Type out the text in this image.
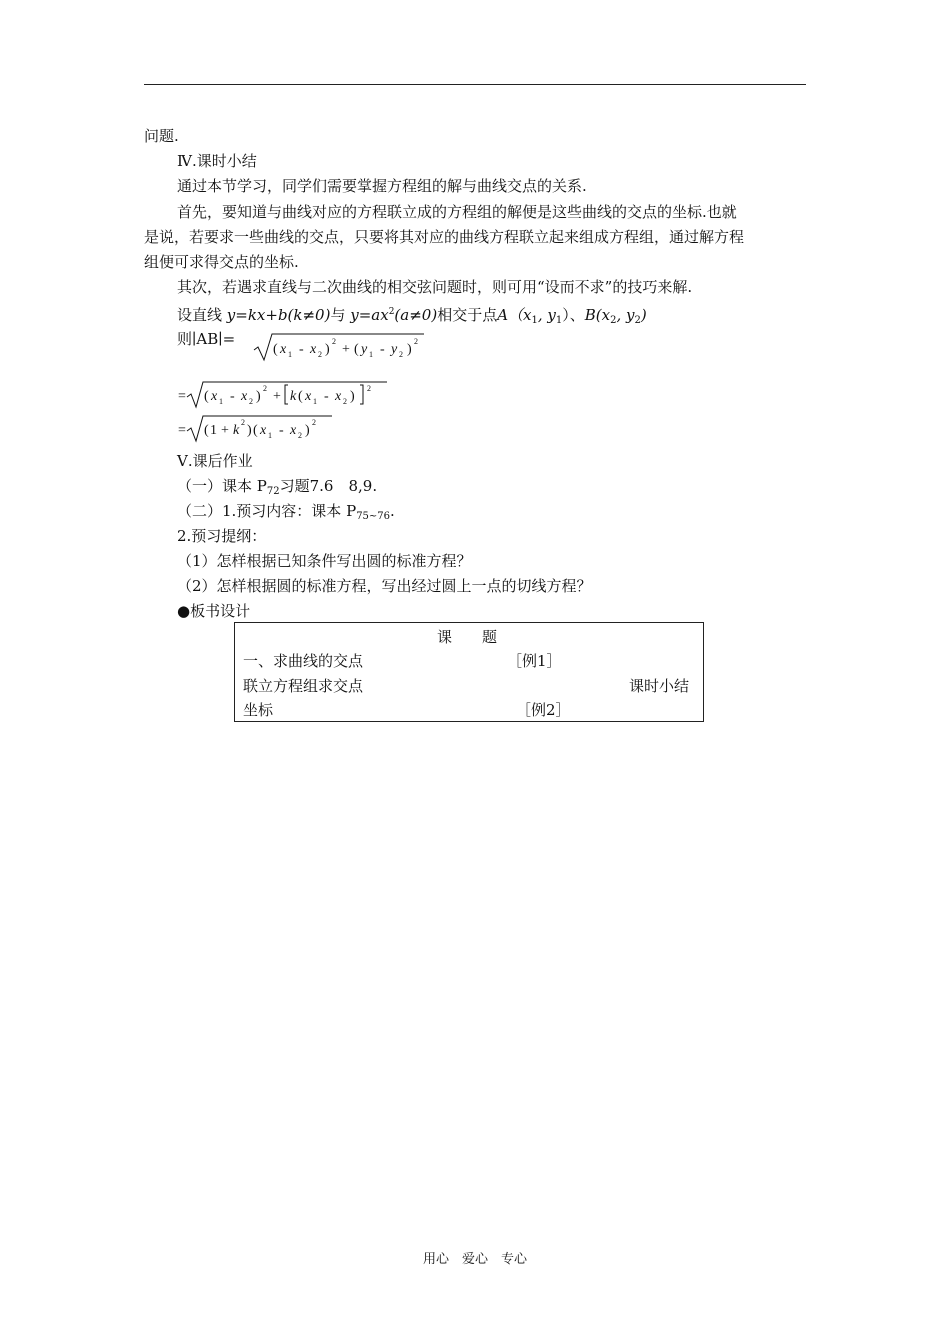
问题.
Ⅳ.课时小结
通过本节学习，同学们需要掌握方程组的解与曲线交点的关系.
首先，要知道与曲线对应的方程联立成的方程组的解便是这些曲线的交点的坐标.也就
是说，若要求一些曲线的交点，只要将其对应的曲线方程联立起来组成方程组，通过解方程
组便可求得交点的坐标.
其次，若遇求直线与二次曲线的相交弦问题时，则可用“设而不求”的技巧来解.
设直线 y=kx+b(k≠0)与 $y=ax^2(a\ne 0)$相交于点$A(x_1$, $y_1$）、$B(x_2$, $y_2$)
则∣AB∣=
( x 1 - x 2 )
2
+ ( y 1 - y 2 )
2
= ( x 1 - x 2 )
2
+ k ( x 1 - x 2 )
2
= ( 1 + k
2
) ( x 1 - x 2 )
2
Ⅴ.课后作业
（一）课本 $P_{72}$习题7.6　8,9.
（二）1.预习内容：课本 $P_{75\sim 76}$.
2.预习提纲：
（1）怎样根据已知条件写出圆的标准方程？
（2）怎样根据圆的标准方程，写出经过圆上一点的切线方程？
●板书设计
课　　题
一、求曲线的交点	［例1］
联立方程组求交点	课时小结
坐标	［例2］
用心　爱心　专心
